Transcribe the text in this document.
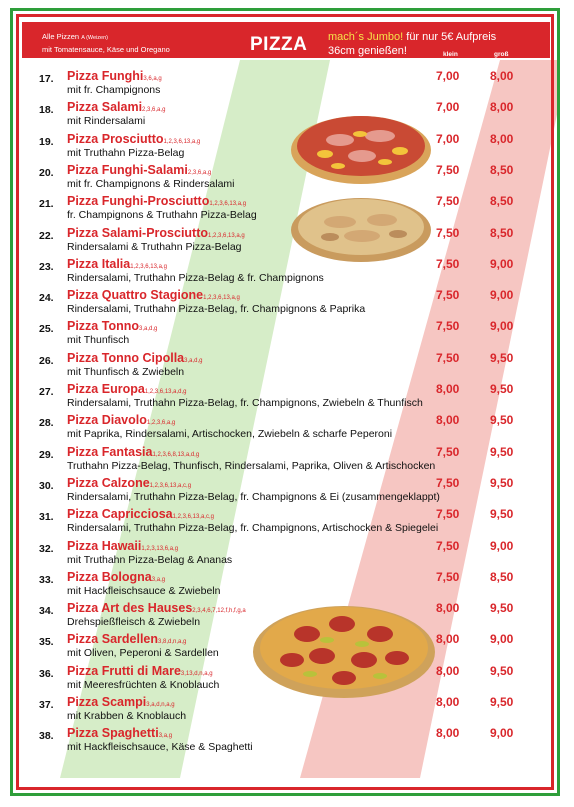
Alle Pizzen A (Weizen)
mit Tomatensauce, Käse und Oregano	PIZZA mach´s Jumbo! für nur 5€ Aufpreis
36cm genießen!	klein	groß
17. Pizza Funghi3,6,a,g
mit fr. Champignons
7,00	8,00
18. Pizza Salami2,3,6,a,g
mit Rindersalami
7,00	8,00
19. Pizza Prosciutto1,2,3,6,13,a,g
mit Truthahn Pizza-Belag
7,00	8,00
20. Pizza Funghi-Salami2,3,6,a,g
mit fr. Champignons & Rindersalami
7,50	8,50
21. Pizza Funghi-Prosciutto1,2,3,6,13,a,g
fr. Champignons & Truthahn Pizza-Belag
7,50	8,50
22. Pizza Salami-Prosciutto1,2,3,6,13,a,g
Rindersalami & Truthahn Pizza-Belag
7,50	8,50
23. Pizza Italia1,2,3,6,13,a,g
Rindersalami, Truthahn Pizza-Belag & fr. Champignons
7,50	9,00
24. Pizza Quattro Stagione1,2,3,6,13,a,g
Rindersalami, Truthahn Pizza-Belag, fr. Champignons & Paprika
7,50	9,00
25. Pizza Tonno3,a,d,g
mit Thunfisch
7,50	9,00
26. Pizza Tonno Cipolla3,a,d,g
mit Thunfisch & Zwiebeln
7,50	9,50
27. Pizza Europa1,2,3,6,13,a,d,g
Rindersalami, Truthahn Pizza-Belag, fr. Champignons, Zwiebeln & Thunfisch
8,00	9,50
28. Pizza Diavolo1,2,3,6,a,g
mit Paprika, Rindersalami, Artischocken, Zwiebeln & scharfe Peperoni
8,00	9,50
29. Pizza Fantasia1,2,3,6,8,13,a,d,g
Truthahn Pizza-Belag, Thunfisch, Rindersalami, Paprika, Oliven & Artischocken
7,50	9,50
30. Pizza Calzone1,2,3,6,13,a,c,g
Rindersalami, Truthahn Pizza-Belag, fr. Champignons & Ei (zusammengeklappt)
7,50	9,50
31. Pizza Capricciosa1,2,3,6,13,a,c,g
Rindersalami, Truthahn Pizza-Belag, fr. Champignons, Artischocken & Spiegelei
7,50	9,50
32. Pizza Hawaii1,2,3,13,6,a,g
mit Truthahn Pizza-Belag & Ananas
7,50	9,00
33. Pizza Bologna3,a,g
mit Hackfleischsauce & Zwiebeln
7,50	8,50
34. Pizza Art des Hauses2,3,4,6,7,12,f,h,f,g,a
Drehspießfleisch & Zwiebeln
8,00	9,50
35. Pizza Sardellen3,8,d,n,a,g
mit Oliven, Peperoni & Sardellen
8,00	9,00
36. Pizza Frutti di Mare3,13,d,n,a,g
mit Meeresfrüchten & Knoblauch
8,00	9,50
37. Pizza Scampi3,a,d,n,a,g
mit Krabben & Knoblauch
8,00	9,50
38. Pizza Spaghetti3,a,g
mit Hackfleischsauce, Käse & Spaghetti
8,00	9,00
